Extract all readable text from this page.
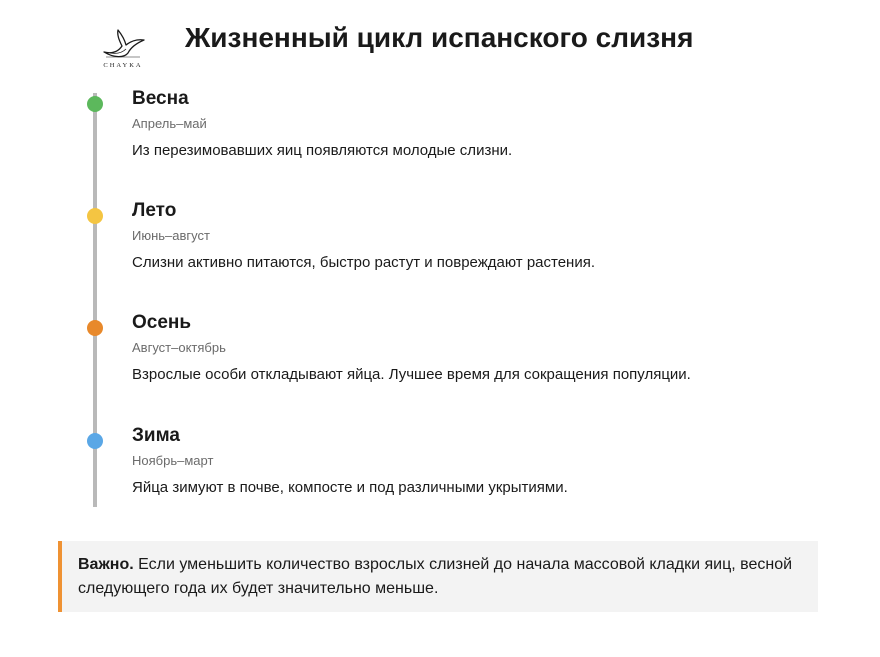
CHAYKA
Жизненный цикл испанского слизня
Весна
Апрель–май
Из перезимовавших яиц появляются молодые слизни.
Лето
Июнь–август
Слизни активно питаются, быстро растут и повреждают растения.
Осень
Август–октябрь
Взрослые особи откладывают яйца. Лучшее время для сокращения популяции.
Зима
Ноябрь–март
Яйца зимуют в почве, компосте и под различными укрытиями.
Важно. Если уменьшить количество взрослых слизней до начала массовой кладки яиц, весной следующего года их будет значительно меньше.
